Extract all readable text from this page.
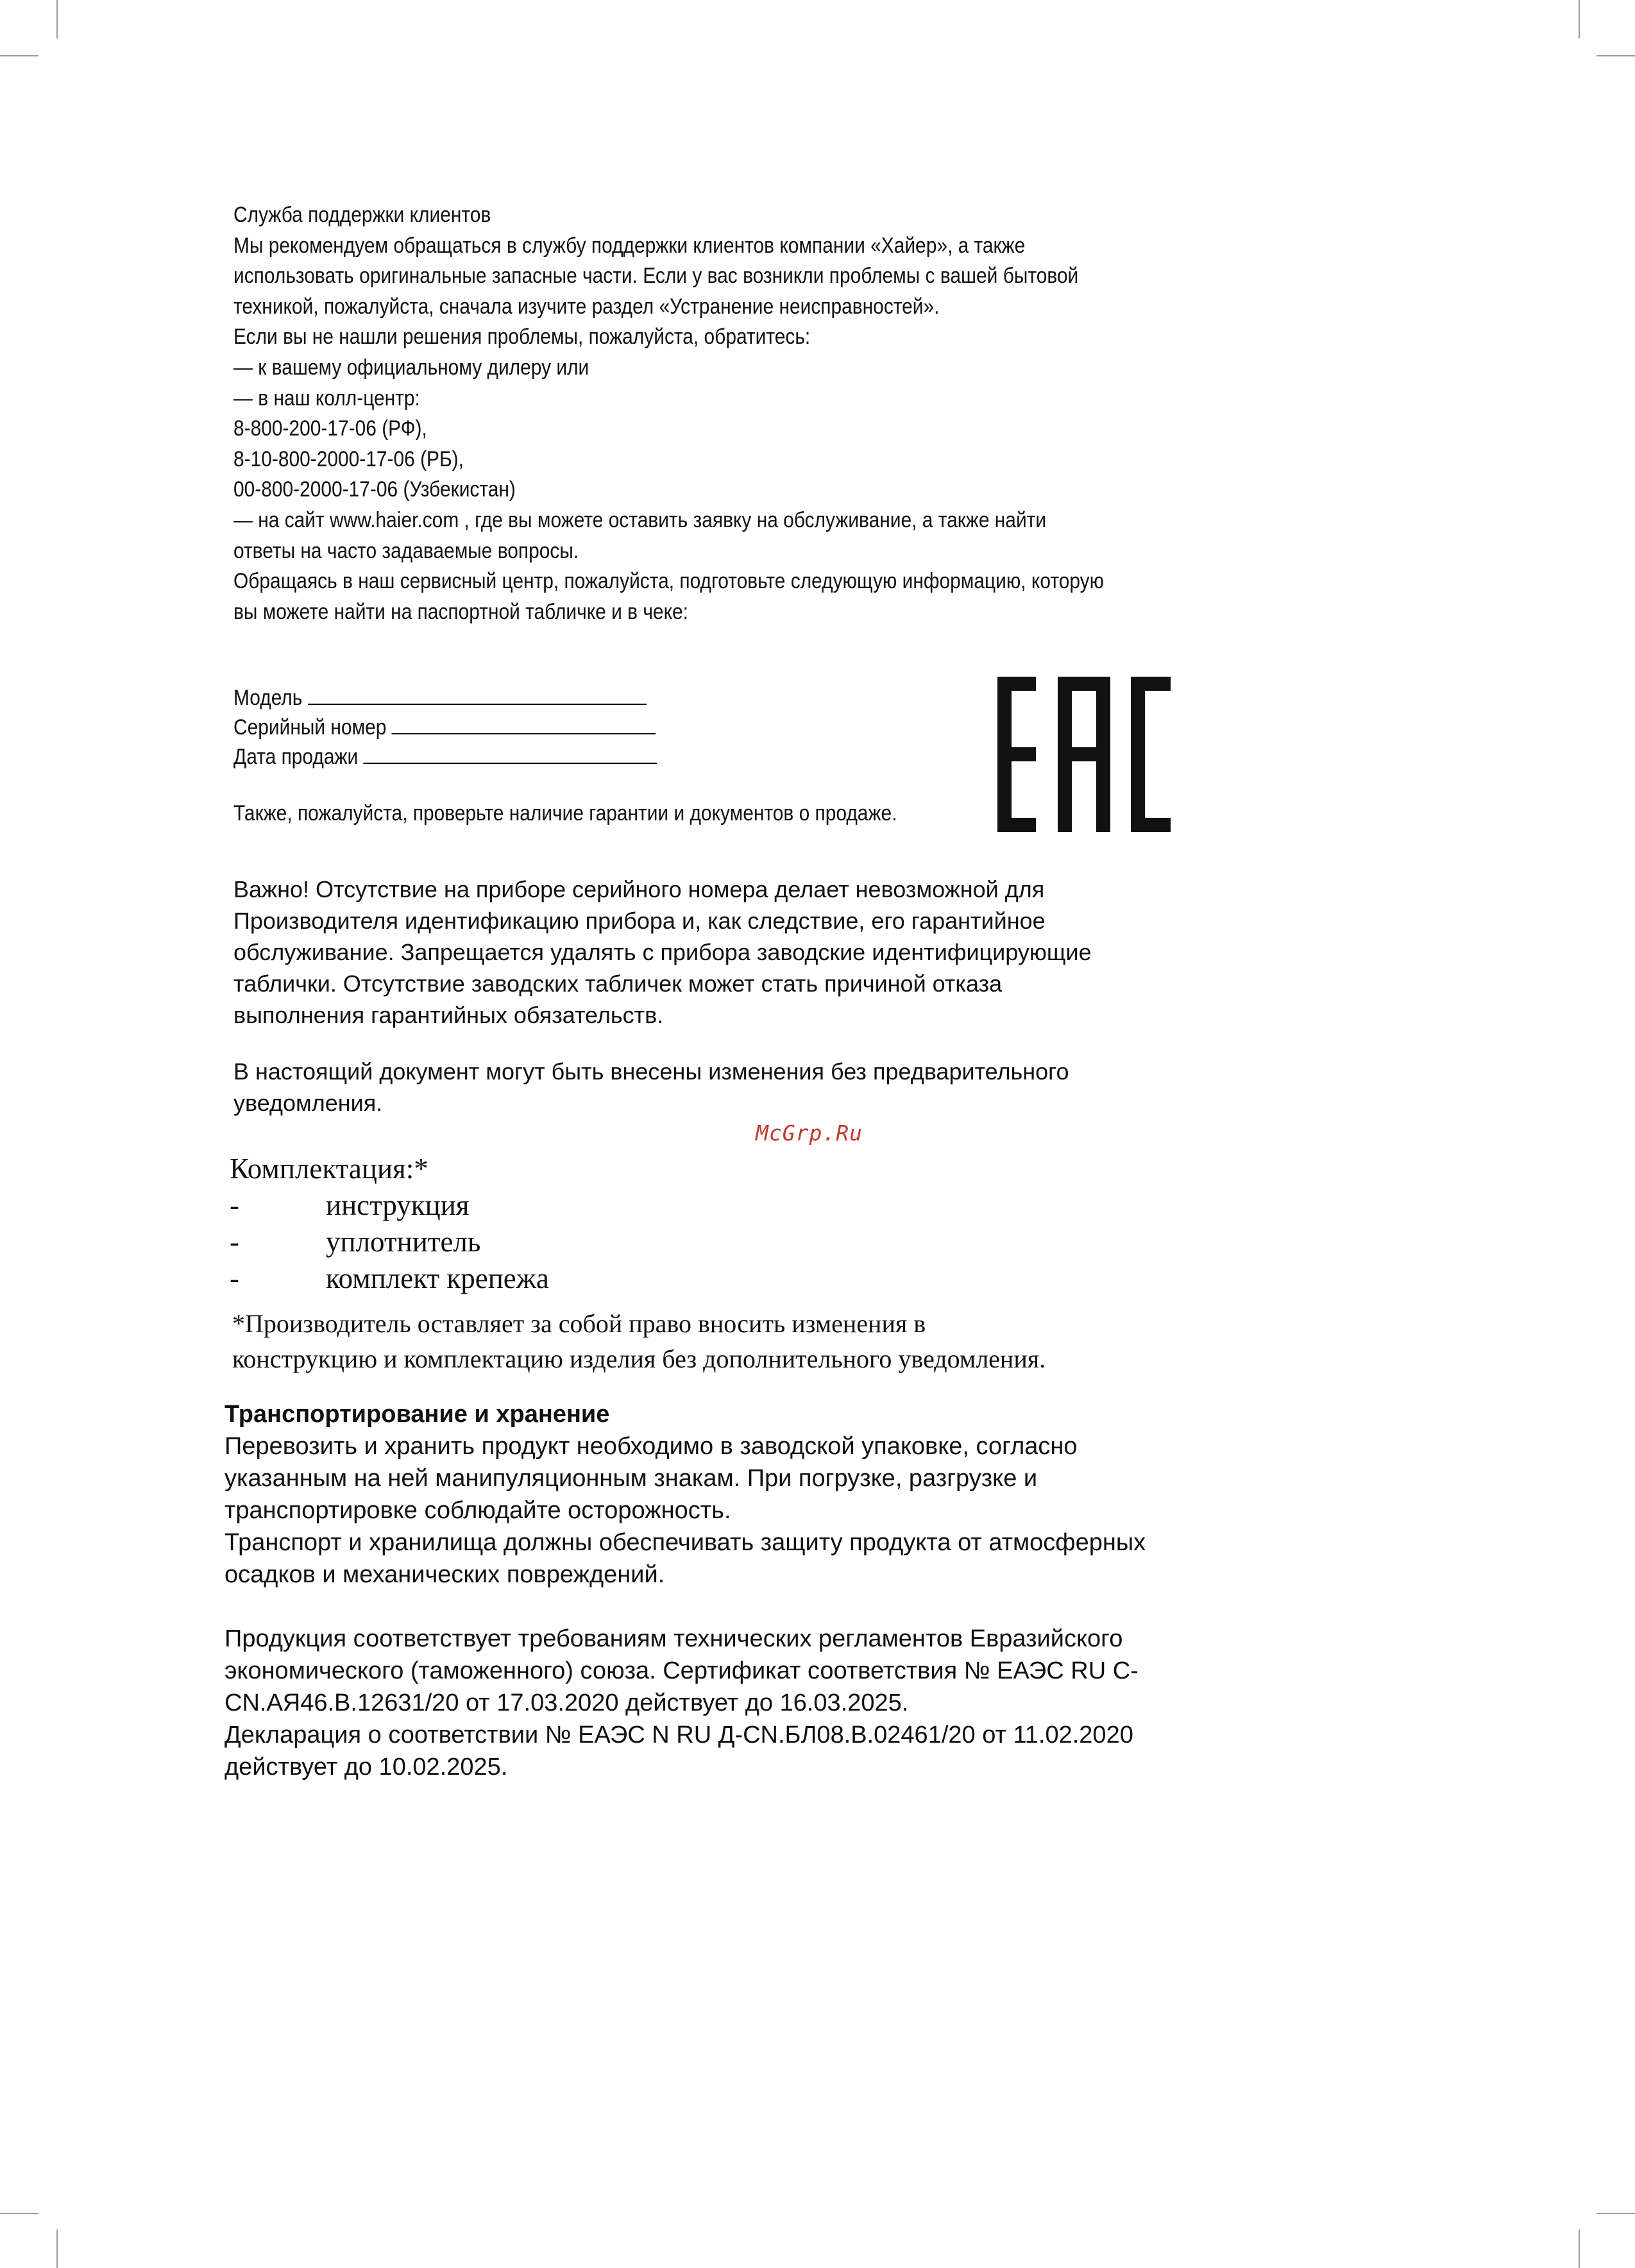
Служба поддержки клиентов
Мы рекомендуем обращаться в службу поддержки клиентов компании «Хайер», а также
использовать оригинальные запасные части. Если у вас возникли проблемы с вашей бытовой
техникой, пожалуйста, сначала изучите раздел «Устранение неисправностей».
Если вы не нашли решения проблемы, пожалуйста, обратитесь:
— к вашему официальному дилеру или
— в наш колл-центр:
8-800-200-17-06 (РФ),
8-10-800-2000-17-06 (РБ),
00-800-2000-17-06 (Узбекистан)
— на сайт www.haier.com , где вы можете оставить заявку на обслуживание, а также найти
ответы на часто задаваемые вопросы.
Обращаясь в наш сервисный центр, пожалуйста, подготовьте следующую информацию, которую
вы можете найти на паспортной табличке и в чеке:
Модель
Серийный номер
Дата продажи
Также, пожалуйста, проверьте наличие гарантии и документов о продаже.
Важно! Отсутствие на приборе серийного номера делает невозможной для
Производителя идентификацию прибора и, как следствие, его гарантийное
обслуживание. Запрещается удалять с прибора заводские идентифицирующие
таблички. Отсутствие заводских табличек может стать причиной отказа
выполнения гарантийных обязательств.
В настоящий документ могут быть внесены изменения без предварительного
уведомления.
McGrp.Ru
Комплектация:*
-	инструкция
-	уплотнитель
-	комплект крепежа
*Производитель оставляет за собой право вносить изменения в
конструкцию и комплектацию изделия без дополнительного уведомления.
Транспортирование и хранение
Перевозить и хранить продукт необходимо в заводской упаковке, согласно
указанным на ней манипуляционным знакам. При погрузке, разгрузке и
транспортировке соблюдайте осторожность.
Транспорт и хранилища должны обеспечивать защиту продукта от атмосферных
осадков и механических повреждений.
Продукция соответствует требованиям технических регламентов Евразийского
экономического (таможенного) союза. Сертификат соответствия № ЕАЭС RU C-
CN.АЯ46.В.12631/20 от 17.03.2020 действует до 16.03.2025.
Декларация о соответствии № ЕАЭС N RU Д-CN.БЛ08.В.02461/20 от 11.02.2020
действует до 10.02.2025.
